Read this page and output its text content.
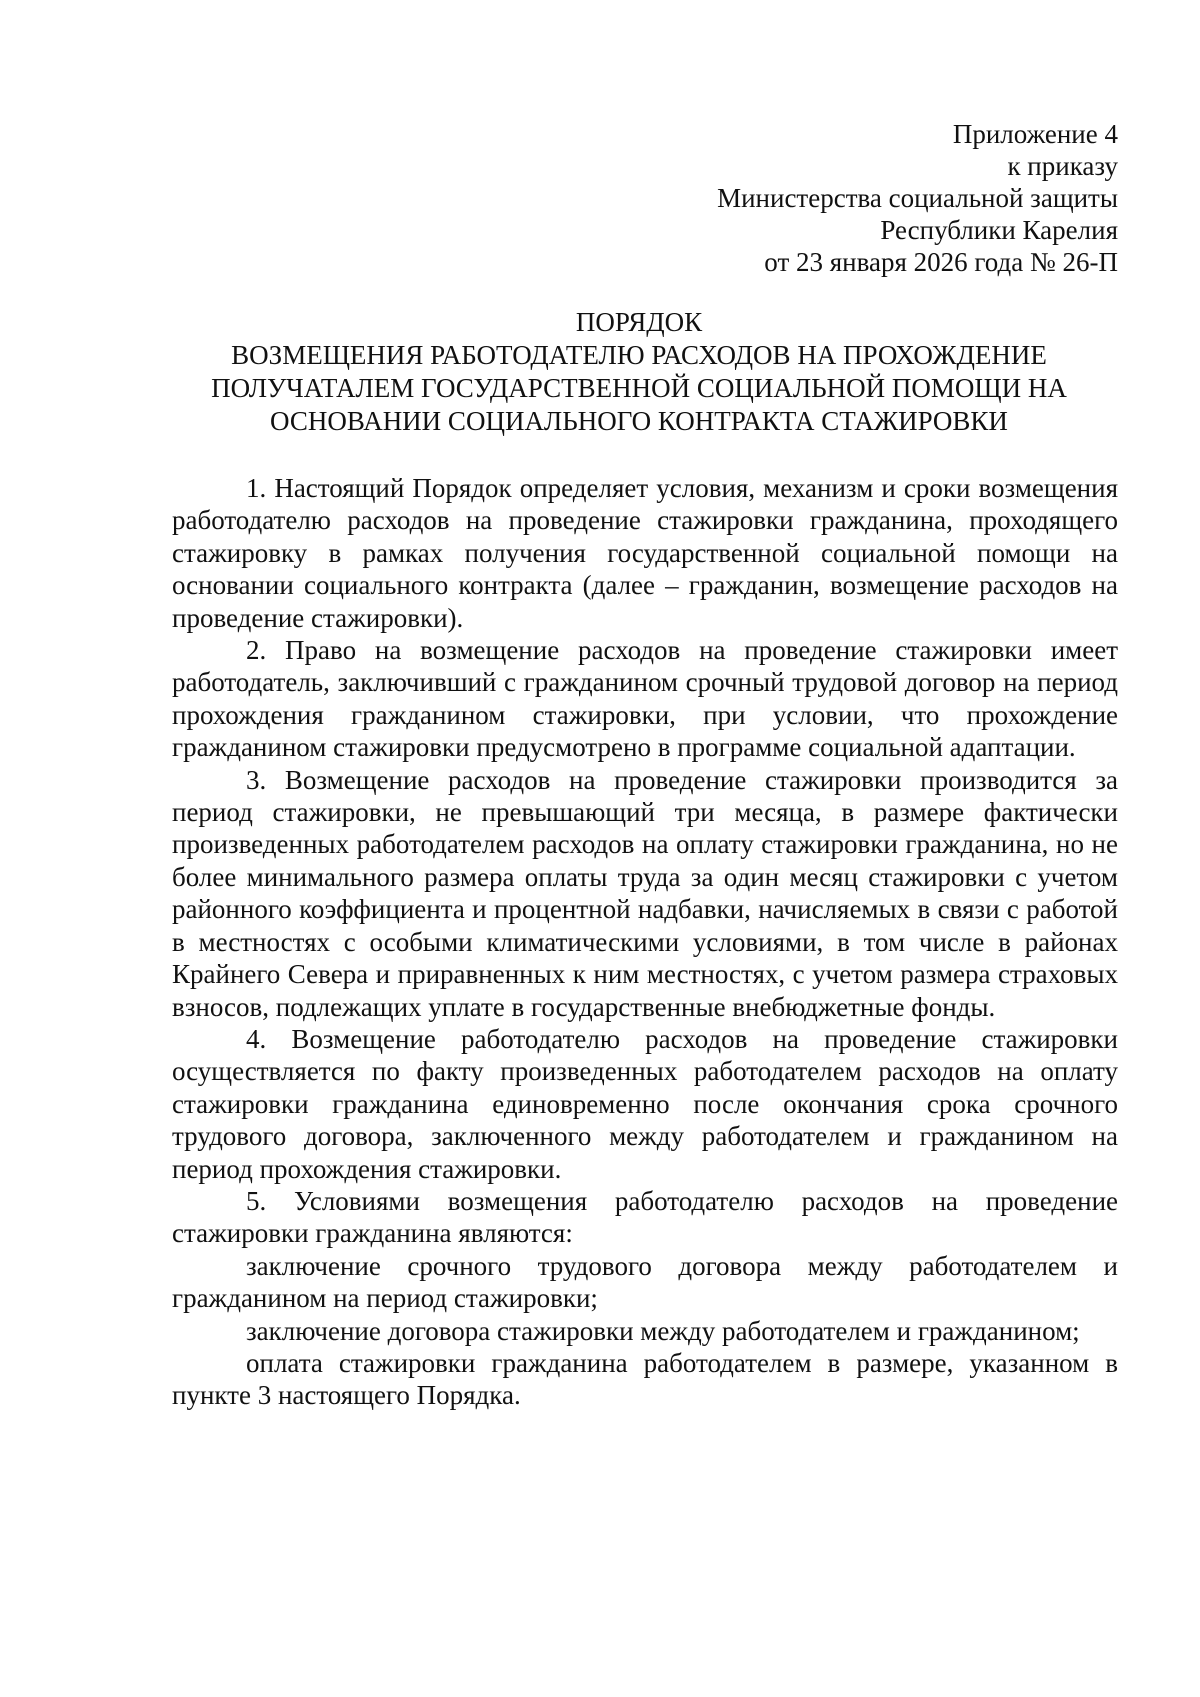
Приложение 4
к приказу
Министерства социальной защиты
Республики Карелия
от 23 января 2026 года № 26-П
ПОРЯДОК
ВОЗМЕЩЕНИЯ РАБОТОДАТЕЛЮ РАСХОДОВ НА ПРОХОЖДЕНИЕ
ПОЛУЧАТАЛЕМ ГОСУДАРСТВЕННОЙ СОЦИАЛЬНОЙ ПОМОЩИ НА
ОСНОВАНИИ СОЦИАЛЬНОГО КОНТРАКТА СТАЖИРОВКИ

1. Настоящий Порядок определяет условия, механизм и сроки возмещения работодателю расходов на проведение стажировки гражданина, проходящего стажировку в рамках получения государственной социальной помощи на основании социального контракта (далее – гражданин, возмещение расходов на проведение стажировки).

2. Право на возмещение расходов на проведение стажировки имеет работодатель, заключивший с гражданином срочный трудовой договор на период прохождения гражданином стажировки, при условии, что прохождение гражданином стажировки предусмотрено в программе социальной адаптации.

3. Возмещение расходов на проведение стажировки производится за период стажировки, не превышающий три месяца, в размере фактически произведенных работодателем расходов на оплату стажировки гражданина, но не более минимального размера оплаты труда за один месяц стажировки с учетом районного коэффициента и процентной надбавки, начисляемых в связи с работой в местностях с особыми климатическими условиями, в том числе в районах Крайнего Севера и приравненных к ним местностях, с учетом размера страховых взносов, подлежащих уплате в государственные внебюджетные фонды.

4. Возмещение работодателю расходов на проведение стажировки осуществляется по факту произведенных работодателем расходов на оплату стажировки гражданина единовременно после окончания срока срочного трудового договора, заключенного между работодателем и гражданином на период прохождения стажировки.

5. Условиями возмещения работодателю расходов на проведение стажировки гражданина являются:

заключение срочного трудового договора между работодателем и гражданином на период стажировки;

заключение договора стажировки между работодателем и гражданином;

оплата стажировки гражданина работодателем в размере, указанном в пункте 3 настоящего Порядка.
